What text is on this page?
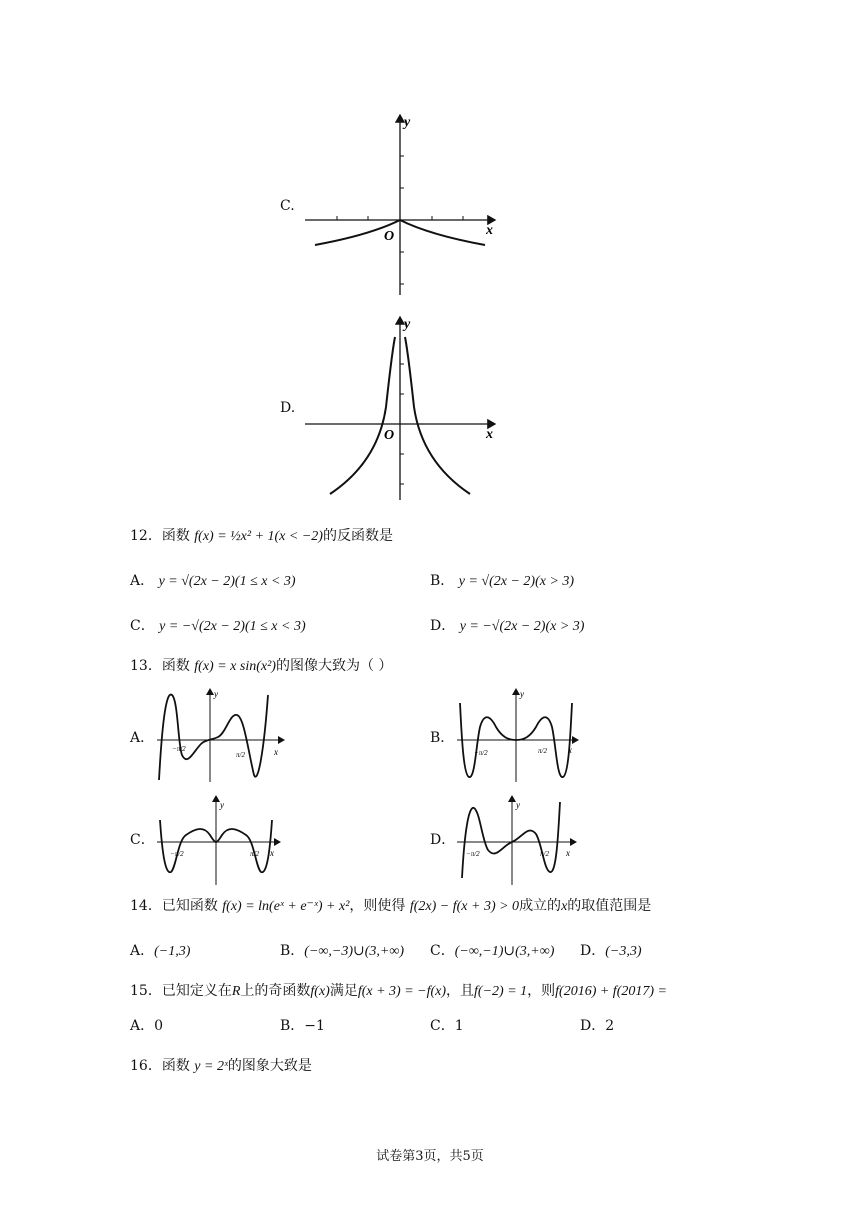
C.
y
x
O
D.
y
x
O
12．函数 f(x) = ½x² + 1(x < −2)的反函数是
A． y = √(2x − 2)(1 ≤ x < 3)	B． y = √(2x − 2)(x > 3)
C． y = −√(2x − 2)(1 ≤ x < 3)	D． y = −√(2x − 2)(x > 3)
13．函数 f(x) = x sin(x²)的图像大致为（ ）
A．
y
x
−π/2
π/2
B．
y
x
−π/2	π/2
C．
y
x
−π/2	π/2
D．
y
x
−π/2	π/2
14．已知函数 f(x) = ln(eˣ + e⁻ˣ) + x²，则使得 f(2x) − f(x + 3) > 0成立的x的取值范围是
A．(−1,3)	B．(−∞,−3)∪(3,+∞) C．(−∞,−1)∪(3,+∞) D．(−3,3)
15．已知定义在R上的奇函数f(x)满足f(x + 3) = −f(x)，且f(−2) = 1，则f(2016) + f(2017) =
A．0	B．−1	C．1	D．2
16．函数 y = 2ˣ的图象大致是
试卷第3页，共5页
